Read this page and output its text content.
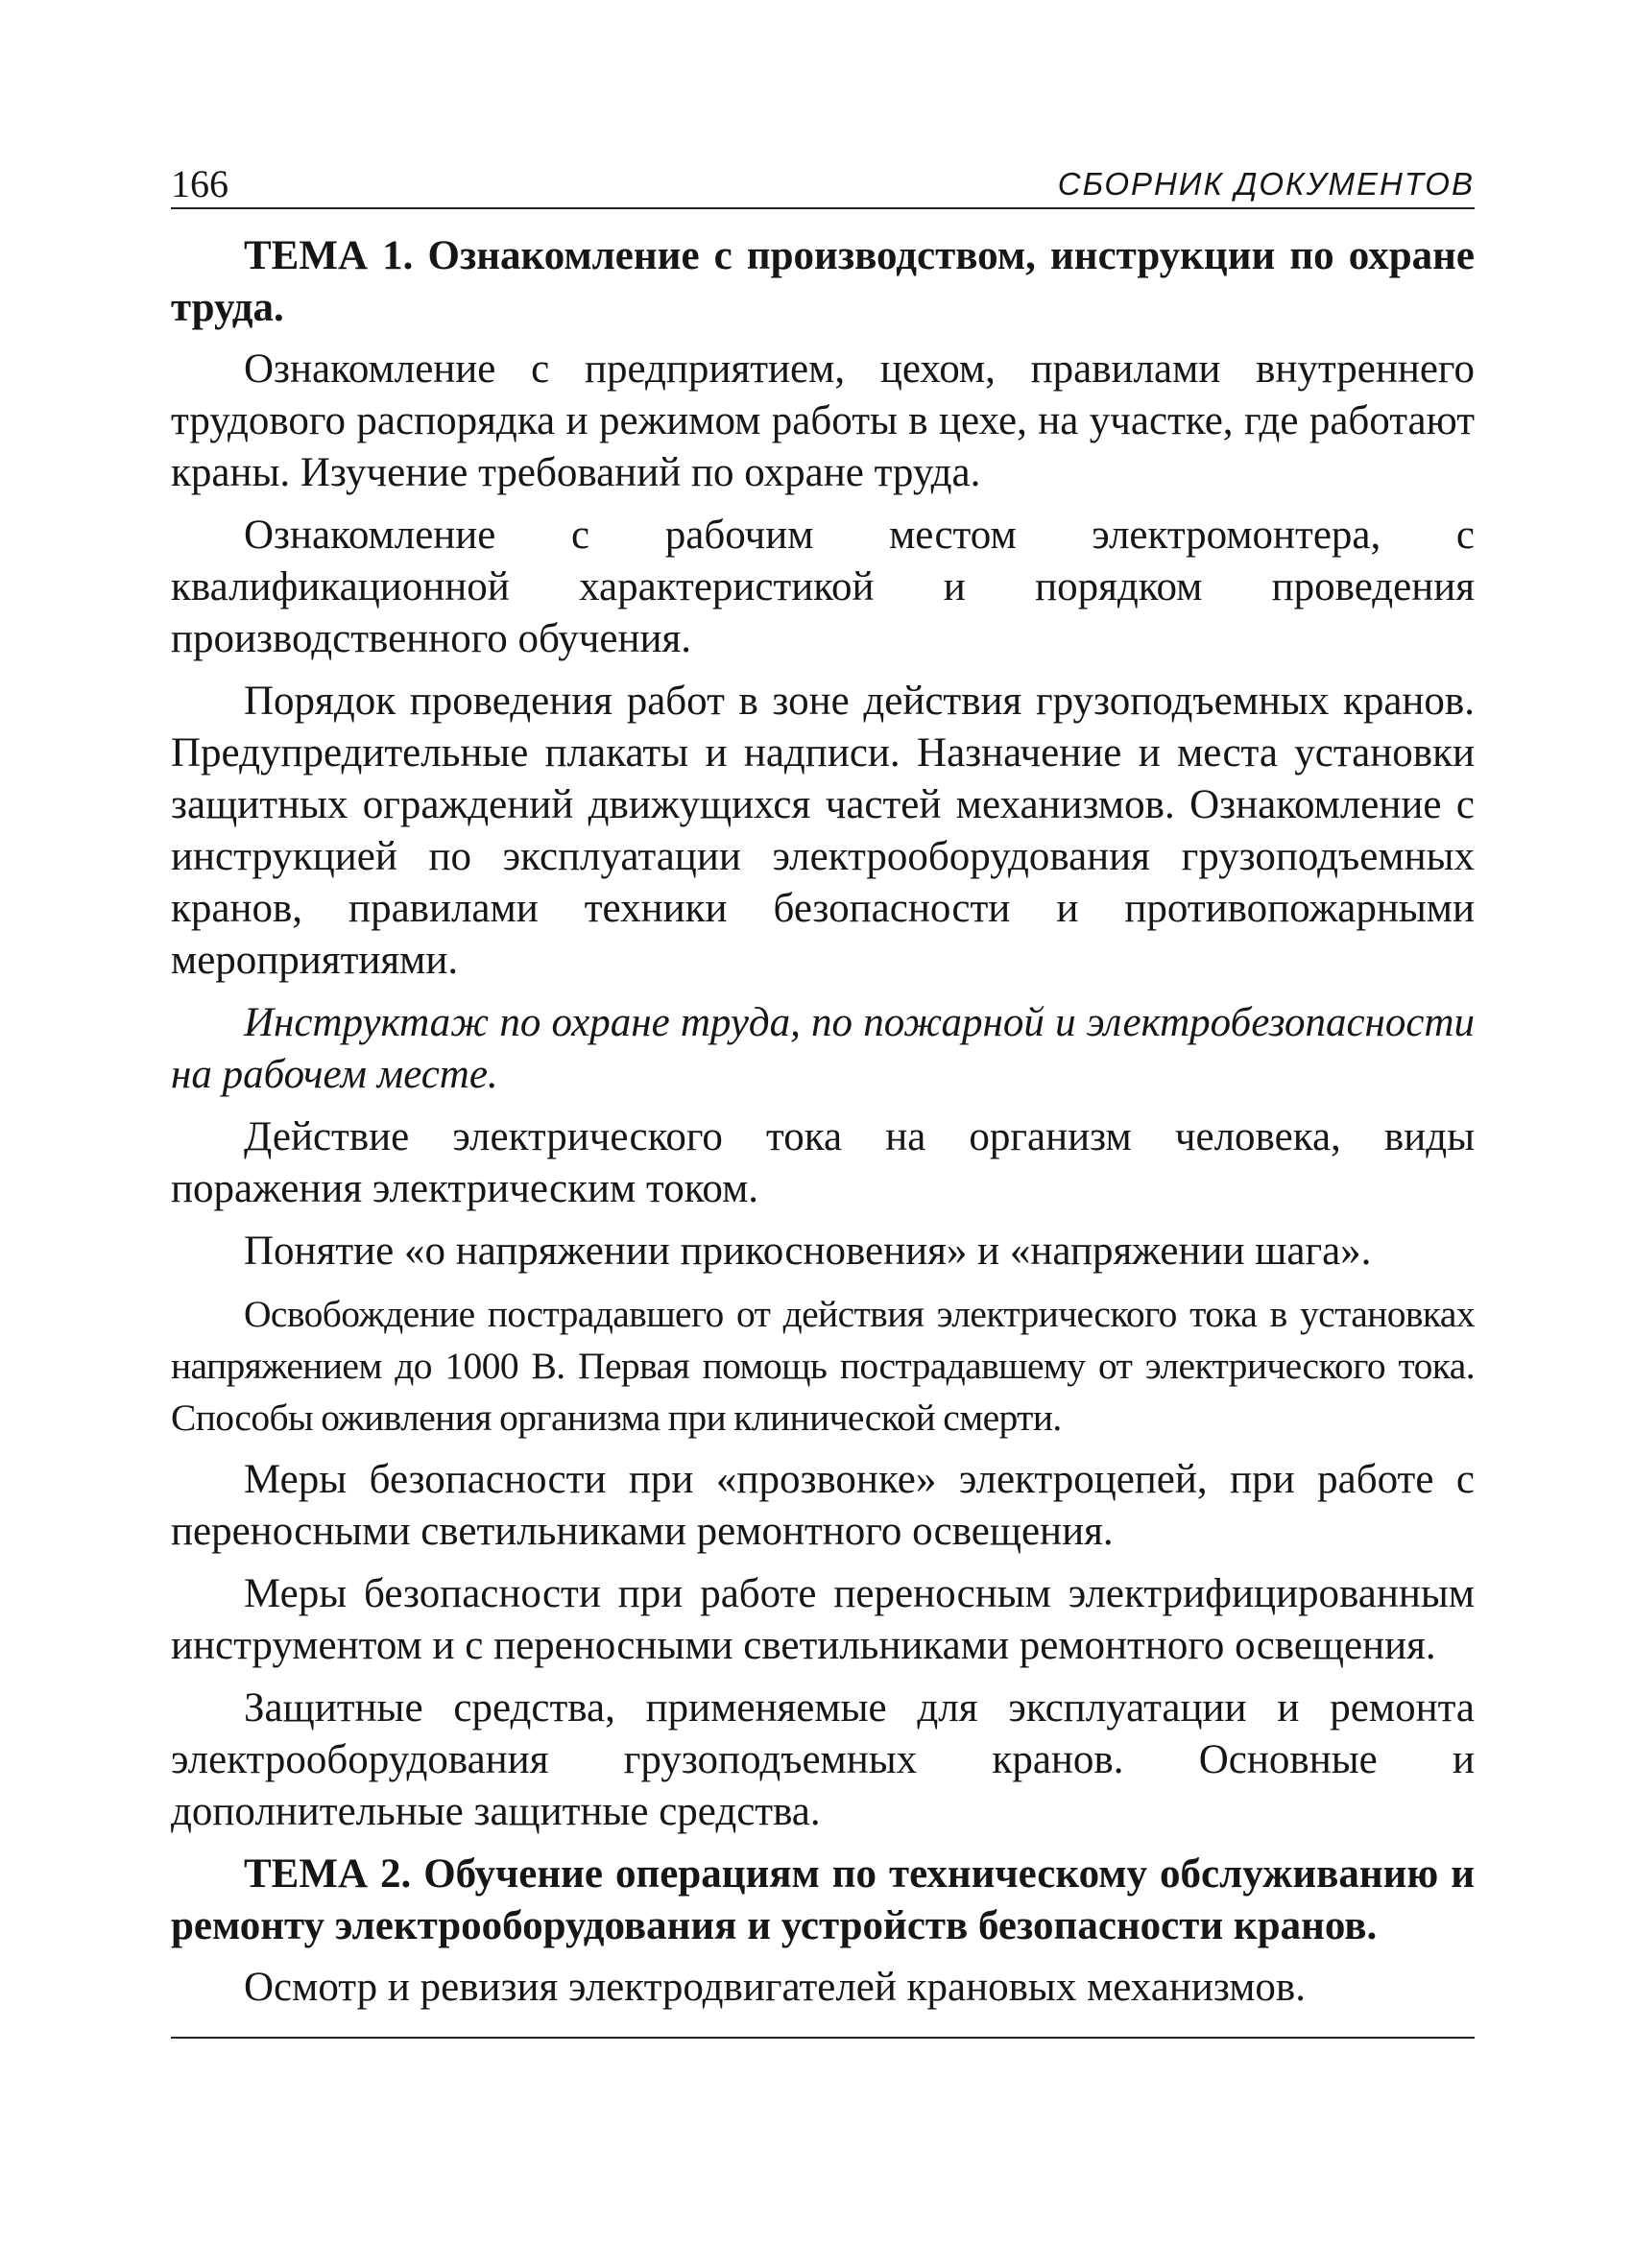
166	СБОРНИК ДОКУМЕНТОВ

ТЕМА 1. Ознакомление с производством, инструкции по охране труда.

Ознакомление с предприятием, цехом, правилами внутреннего трудового распорядка и режимом работы в цехе, на участке, где работают краны. Изучение требований по охране труда.

Ознакомление с рабочим местом электромонтера, с квалификационной характеристикой и порядком проведения производственного обучения.

Порядок проведения работ в зоне действия грузоподъемных кранов. Предупредительные плакаты и надписи. Назначение и места установки защитных ограждений движущихся частей механизмов. Ознакомление с инструкцией по эксплуатации электрооборудования грузоподъемных кранов, правилами техники безопасности и противопожарными мероприятиями.

Инструктаж по охране труда, по пожарной и электробезопасности на рабочем месте.

Действие электрического тока на организм человека, виды поражения электрическим током.

Понятие «о напряжении прикосновения» и «напряжении шага».

Освобождение пострадавшего от действия электрического тока в установках напряжением до 1000 В. Первая помощь пострадавшему от электрического тока. Способы оживления организма при клинической смерти.

Меры безопасности при «прозвонке» электроцепей, при работе с переносными светильниками ремонтного освещения.

Меры безопасности при работе переносным электрифицированным инструментом и с переносными светильниками ремонтного освещения.

Защитные средства, применяемые для эксплуатации и ремонта электрооборудования грузоподъемных кранов. Основные и дополнительные защитные средства.

ТЕМА 2. Обучение операциям по техническому обслуживанию и ремонту электрооборудования и устройств безопасности кранов.

Осмотр и ревизия электродвигателей крановых механизмов.
